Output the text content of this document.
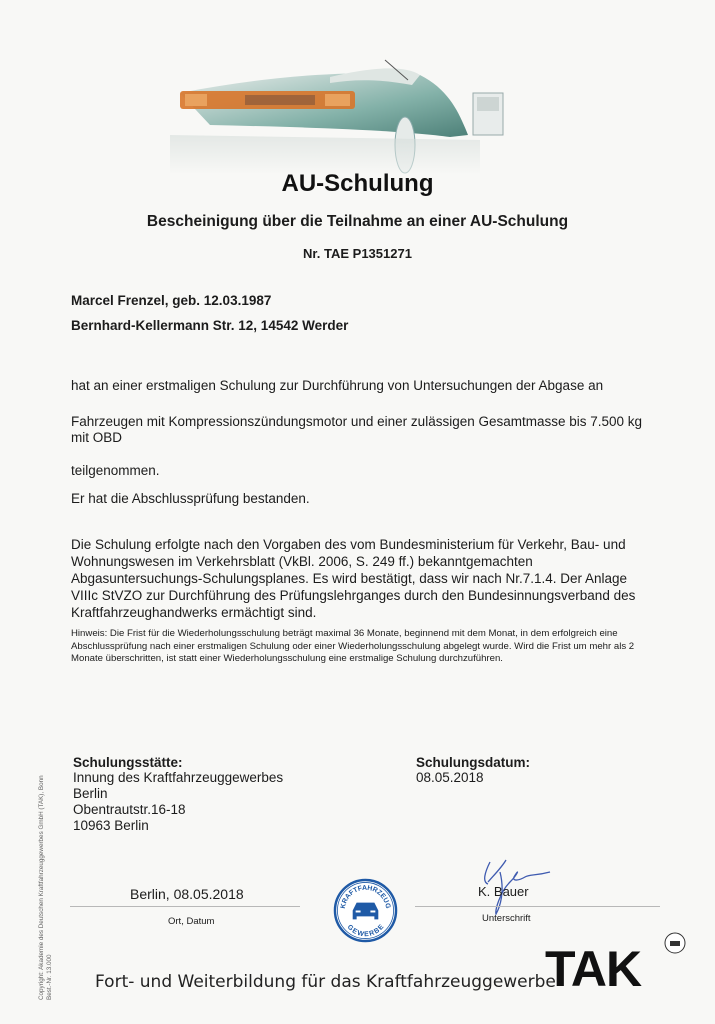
AU-Schulung
Bescheinigung über die Teilnahme an einer AU-Schulung
Nr. TAE P1351271
Marcel Frenzel, geb. 12.03.1987
Bernhard-Kellermann Str. 12, 14542 Werder
hat an einer erstmaligen Schulung zur Durchführung von Untersuchungen der Abgase an
Fahrzeugen mit Kompressionszündungsmotor und einer zulässigen Gesamtmasse bis 7.500 kg mit OBD
teilgenommen.
Er hat die Abschlussprüfung bestanden.
Die Schulung erfolgte nach den Vorgaben des vom Bundesministerium für Verkehr, Bau- und Wohnungswesen im Verkehrsblatt (VkBl. 2006, S. 249 ff.) bekanntgemachten Abgasuntersuchungs-Schulungsplanes. Es wird bestätigt, dass wir nach Nr.7.1.4. Der Anlage VIIIc StVZO zur Durchführung des Prüfungslehrganges durch den Bundesinnungsverband des Kraftfahrzeughandwerks ermächtigt sind.
Hinweis: Die Frist für die Wiederholungsschulung beträgt maximal 36 Monate, beginnend mit dem Monat, in dem erfolgreich eine Abschlussprüfung nach einer erstmaligen Schulung oder einer Wiederholungsschulung abgelegt wurde. Wird die Frist um mehr als 2 Monate überschritten, ist statt einer Wiederholungsschulung eine erstmalige Schulung durchzuführen.
Schulungsstätte:
Innung des Kraftfahrzeuggewerbes
Berlin
Obentrautstr.16-18
10963 Berlin
Schulungsdatum:
08.05.2018
Berlin, 08.05.2018
Ort, Datum
KRAFTFAHRZEUG
GEWERBE
K. Bauer
Unterschrift
Fort- und Weiterbildung für das Kraftfahrzeuggewerbe
TAK
Copyright: Akademie des Deutschen Kraftfahrzeuggewerbes GmbH (TAK), Bonn Best.-Nr. 13.000
